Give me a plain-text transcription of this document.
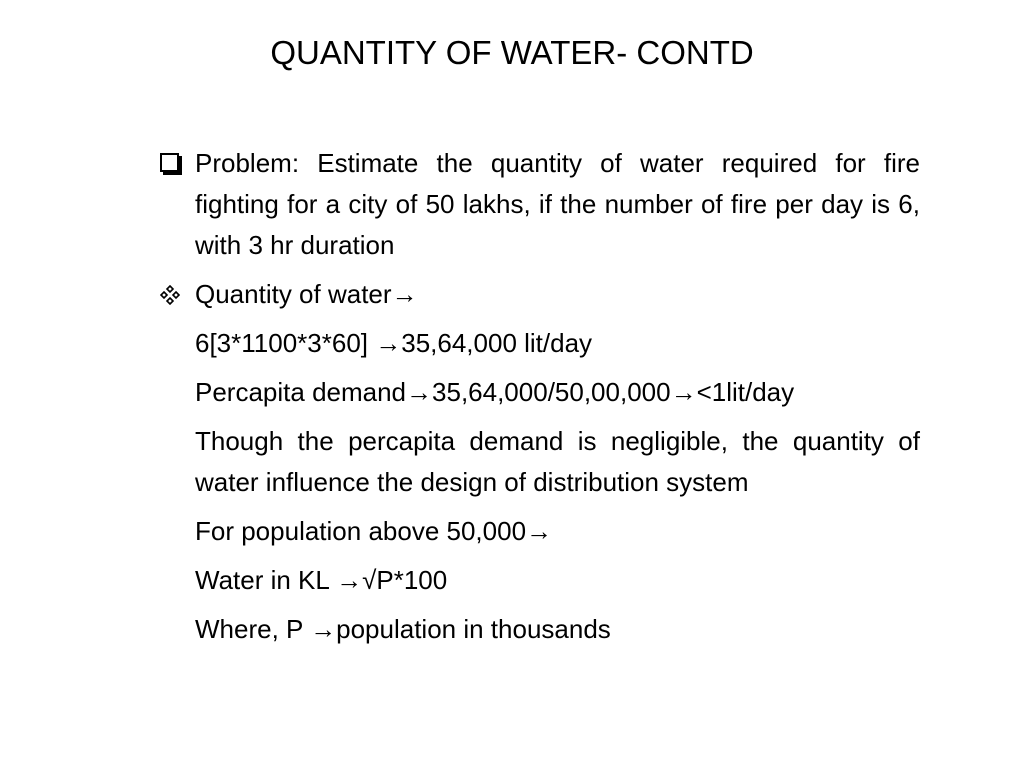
QUANTITY OF WATER- CONTD
Problem: Estimate the quantity of water required for fire fighting for a city of 50 lakhs, if the number of fire per day is 6, with 3 hr duration
Quantity of water→
6[3*1100*3*60] →35,64,000 lit/day
Percapita demand→35,64,000/50,00,000→<1lit/day
Though the percapita demand is negligible, the quantity of water influence the design of distribution system
For population above 50,000→
Water in KL →√P*100
Where, P →population in thousands
